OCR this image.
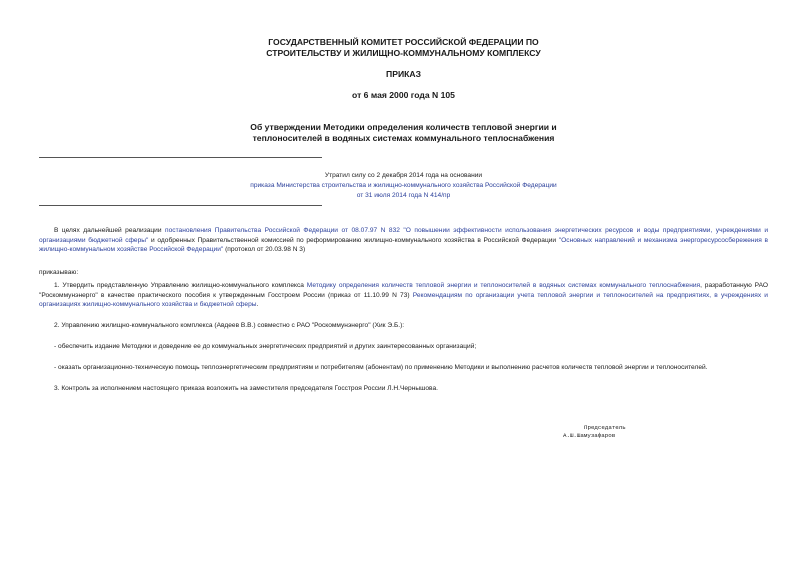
ГОСУДАРСТВЕННЫЙ КОМИТЕТ РОССИЙСКОЙ ФЕДЕРАЦИИ ПО
СТРОИТЕЛЬСТВУ И ЖИЛИЩНО-КОММУНАЛЬНОМУ КОМПЛЕКСУ
ПРИКАЗ
от 6 мая 2000 года N 105
Об утверждении Методики определения количеств тепловой энергии и
теплоносителей в водяных системах коммунального теплоснабжения
Утратил силу со 2 декабря 2014 года на основании
приказа Министерства строительства и жилищно-коммунального хозяйства Российской Федерации
от 31 июля 2014 года N 414/пр
В целях дальнейшей реализации постановления Правительства Российской Федерации от 08.07.97 N 832 "О повышении эффективности использования энергетических ресурсов и воды предприятиями, учреждениями и организациями бюджетной сферы" и одобренных Правительственной комиссией по реформированию жилищно-коммунального хозяйства в Российской Федерации "Основных направлений и механизма энергоресурсосбережения в жилищно-коммунальном хозяйстве Российской Федерации" (протокол от 20.03.98 N 3)
приказываю:
1. Утвердить представленную Управлению жилищно-коммунального комплекса Методику определения количеств тепловой энергии и теплоносителей в водяных системах коммунального теплоснабжения, разработанную РАО "Роскоммунэнерго" в качестве практического пособия к утвержденным Госстроем России (приказ от 11.10.99 N 73) Рекомендациям по организации учета тепловой энергии и теплоносителей на предприятиях, в учреждениях и организациях жилищно-коммунального хозяйства и бюджетной сферы.
2. Управлению жилищно-коммунального комплекса (Авдеев В.В.) совместно с РАО "Роскоммунэнерго" (Хик Э.Б.):
- обеспечить издание Методики и доведение ее до коммунальных энергетических предприятий и других заинтересованных организаций;
- оказать организационно-техническую помощь теплоэнергетическим предприятиям и потребителям (абонентам) по применению Методики и выполнению расчетов количеств тепловой энергии и теплоносителей.
3. Контроль за исполнением настоящего приказа возложить на заместителя председателя Госстроя России Л.Н.Чернышова.
Председатель
А.Ш.Шамузафаров
